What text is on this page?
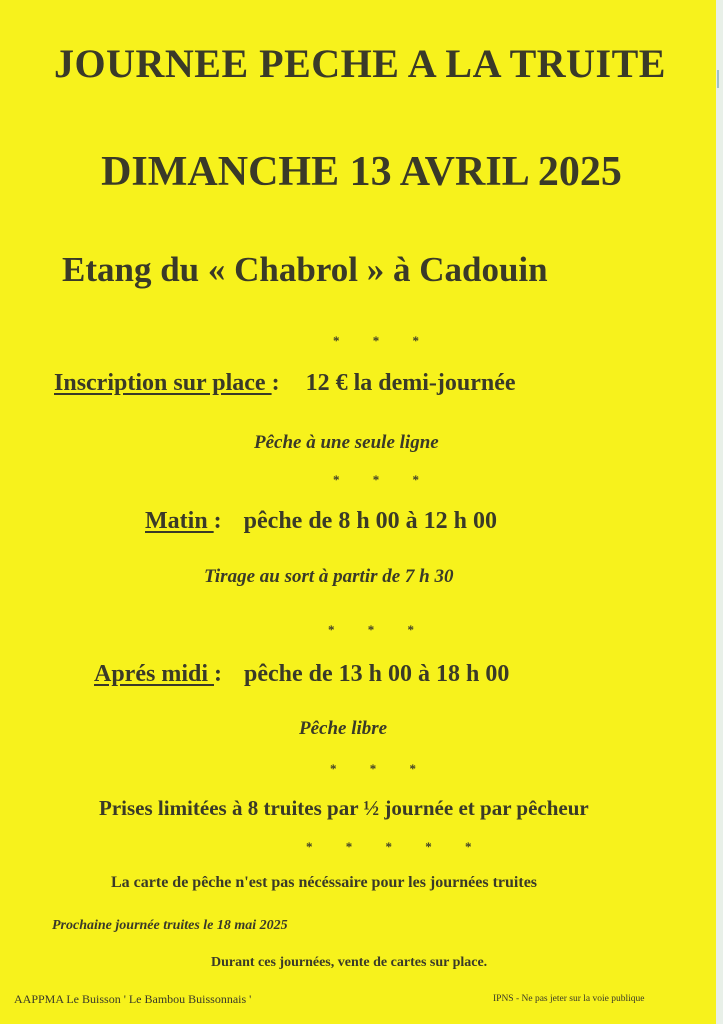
JOURNEE PECHE A LA TRUITE
DIMANCHE 13 AVRIL 2025
Etang du « Chabrol » à Cadouin
* * *
Inscription sur place : 12 € la demi-journée
Pêche à une seule ligne
* * *
Matin : pêche de 8 h 00 à 12 h 00
Tirage au sort à partir de 7 h 30
* * *
Aprés midi : pêche de 13 h 00 à 18 h 00
Pêche libre
* * *
Prises limitées à 8 truites par ½ journée et par pêcheur
* * * * *
La carte de pêche n'est pas nécéssaire pour les journées truites
Prochaine journée truites le 18 mai 2025
Durant ces journées, vente de cartes sur place.
AAPPMA Le Buisson ' Le Bambou Buissonnais '	IPNS - Ne pas jeter sur la voie publique
